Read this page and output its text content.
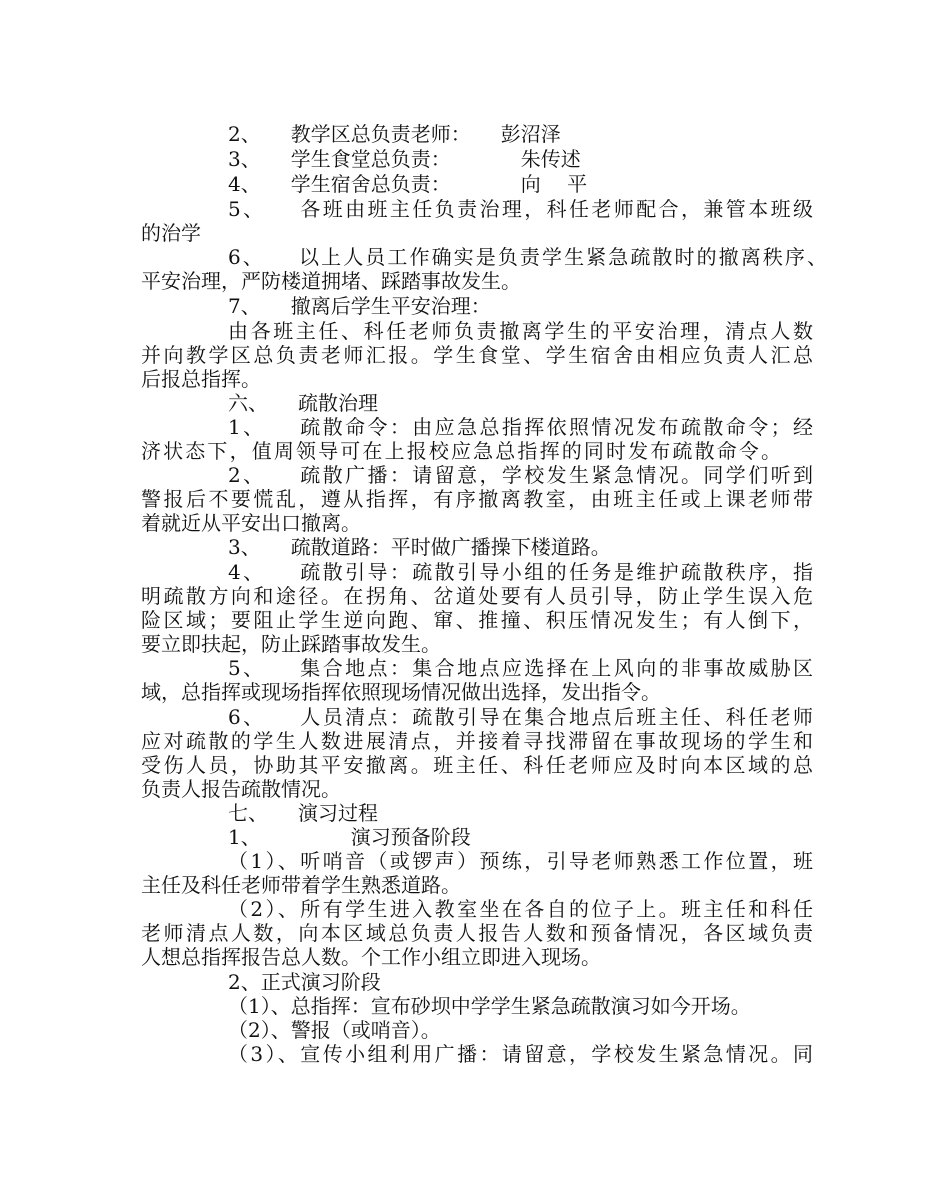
2、　　教学区总负责老师：　　彭沼泽
3、　　学生食堂总负责：　　　　朱传述
4、　　学生宿舍总负责：　　　　向　 平
5、　　各班由班主任负责治理，科任老师配合，兼管本班级
的治学
6、　　以上人员工作确实是负责学生紧急疏散时的撤离秩序、
平安治理，严防楼道拥堵、踩踏事故发生。
7、　　撤离后学生平安治理：
由各班主任、科任老师负责撤离学生的平安治理，清点人数
并向教学区总负责老师汇报。学生食堂、学生宿舍由相应负责人汇总
后报总指挥。
六、　　疏散治理
1、　　疏散命令：由应急总指挥依照情况发布疏散命令；经
济状态下，值周领导可在上报校应急总指挥的同时发布疏散命令。
2、　　疏散广播：请留意，学校发生紧急情况。同学们听到
警报后不要慌乱，遵从指挥，有序撤离教室，由班主任或上课老师带
着就近从平安出口撤离。
3、　　疏散道路：平时做广播操下楼道路。
4、　　疏散引导：疏散引导小组的任务是维护疏散秩序，指
明疏散方向和途径。在拐角、岔道处要有人员引导，防止学生误入危
险区域；要阻止学生逆向跑、窜、推撞、积压情况发生；有人倒下，
要立即扶起，防止踩踏事故发生。
5、　　集合地点：集合地点应选择在上风向的非事故威胁区
域，总指挥或现场指挥依照现场情况做出选择，发出指令。
6、　　人员清点：疏散引导在集合地点后班主任、科任老师
应对疏散的学生人数进展清点，并接着寻找滞留在事故现场的学生和
受伤人员，协助其平安撤离。班主任、科任老师应及时向本区域的总
负责人报告疏散情况。
七、　　演习过程
1、　　　　　演习预备阶段
（1）、听哨音（或锣声）预练，引导老师熟悉工作位置，班
主任及科任老师带着学生熟悉道路。
（2）、所有学生进入教室坐在各自的位子上。班主任和科任
老师清点人数，向本区域总负责人报告人数和预备情况，各区域负责
人想总指挥报告总人数。个工作小组立即进入现场。
2、正式演习阶段
（1）、总指挥：宣布砂坝中学学生紧急疏散演习如今开场。
（2）、警报（或哨音）。
（3）、宣传小组利用广播：请留意，学校发生紧急情况。同
